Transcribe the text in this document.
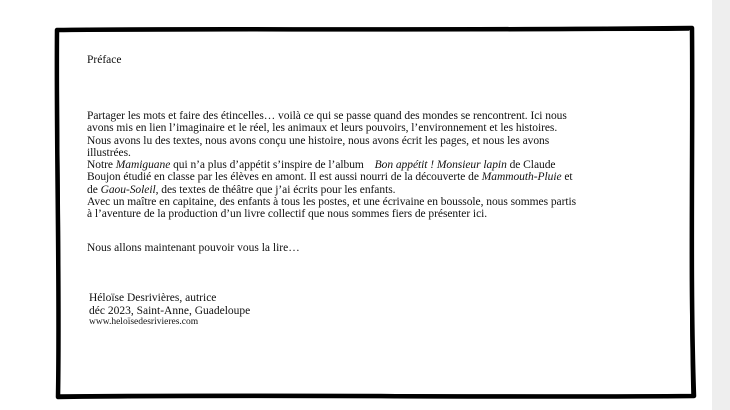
Préface
Partager les mots et faire des étincelles… voilà ce qui se passe quand des mondes se rencontrent. Ici nous
avons mis en lien l’imaginaire et le réel, les animaux et leurs pouvoirs, l’environnement et les histoires.
Nous avons lu des textes, nous avons conçu une histoire, nous avons écrit les pages, et nous les avons
illustrées.
Notre Mamiguane qui n’a plus d’appétit s’inspire de l’album Bon appétit ! Monsieur lapin de Claude
Boujon étudié en classe par les élèves en amont. Il est aussi nourri de la découverte de Mammouth-Pluie et
de Gaou-Soleil, des textes de théâtre que j’ai écrits pour les enfants.
Avec un maître en capitaine, des enfants à tous les postes, et une écrivaine en boussole, nous sommes partis
à l’aventure de la production d’un livre collectif que nous sommes fiers de présenter ici.
Nous allons maintenant pouvoir vous la lire…
Héloïse Desrivières, autrice
déc 2023, Saint-Anne, Guadeloupe
www.heloïsedesrivieres.com
